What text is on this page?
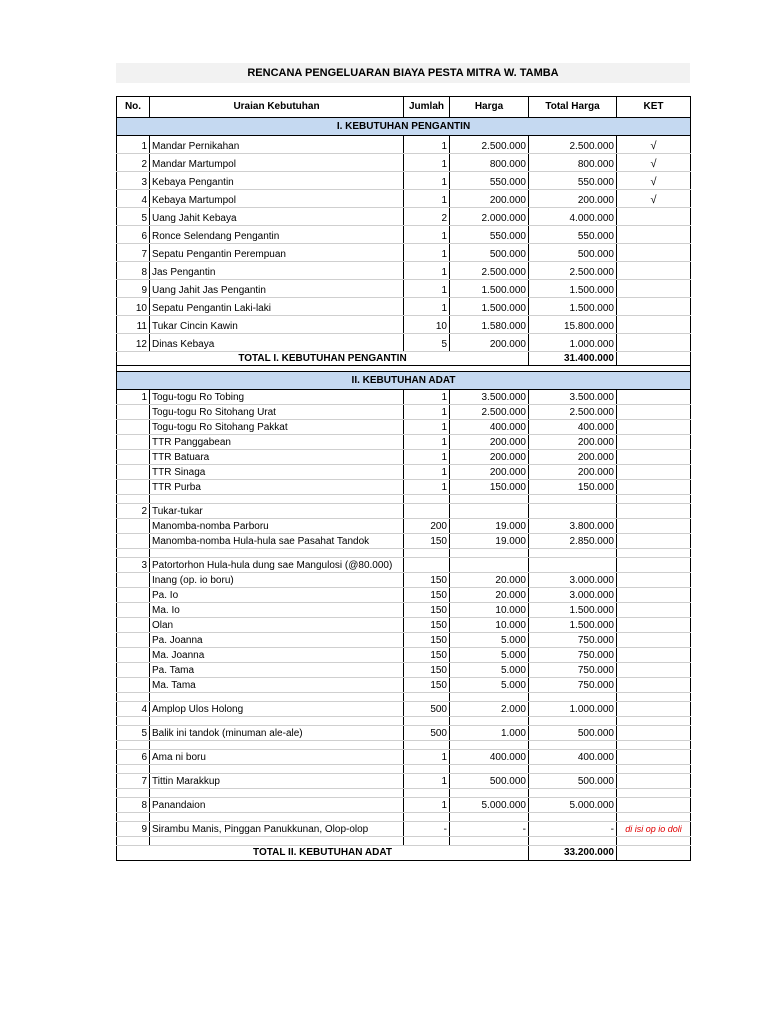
RENCANA PENGELUARAN BIAYA PESTA MITRA W. TAMBA
No.	Uraian Kebutuhan	Jumlah	Harga	Total Harga	KET
I. KEBUTUHAN PENGANTIN					
1	Mandar Pernikahan	1	2.500.000	2.500.000	√
2	Mandar Martumpol	1	800.000	800.000	√
3	Kebaya Pengantin	1	550.000	550.000	√
4	Kebaya Martumpol	1	200.000	200.000	√
5	Uang Jahit Kebaya	2	2.000.000	4.000.000	
6	Ronce Selendang Pengantin	1	550.000	550.000	
7	Sepatu Pengantin Perempuan	1	500.000	500.000	
8	Jas Pengantin	1	2.500.000	2.500.000	
9	Uang Jahit Jas Pengantin	1	1.500.000	1.500.000	
10	Sepatu Pengantin Laki-laki	1	1.500.000	1.500.000	
11	Tukar Cincin Kawin	10	1.580.000	15.800.000	
12	Dinas Kebaya	5	200.000	1.000.000	
TOTAL I. KEBUTUHAN PENGANTIN				31.400.000	

II. KEBUTUHAN ADAT					
1	Togu-togu Ro Tobing	1	3.500.000	3.500.000	
	Togu-togu Ro Sitohang Urat	1	2.500.000	2.500.000	
	Togu-togu Ro Sitohang Pakkat	1	400.000	400.000	
	TTR Panggabean	1	200.000	200.000	
	TTR Batuara	1	200.000	200.000	
	TTR Sinaga	1	200.000	200.000	
	TTR Purba	1	150.000	150.000	

2	Tukar-tukar				
	Manomba-nomba Parboru	200	19.000	3.800.000	
	Manomba-nomba Hula-hula sae Pasahat Tandok	150	19.000	2.850.000	

3	Patortorhon Hula-hula dung sae Mangulosi (@80.000)				
	Inang (op. io boru)	150	20.000	3.000.000	
	Pa. Io	150	20.000	3.000.000	
	Ma. Io	150	10.000	1.500.000	
	Olan	150	10.000	1.500.000	
	Pa. Joanna	150	5.000	750.000	
	Ma. Joanna	150	5.000	750.000	
	Pa. Tama	150	5.000	750.000	
	Ma. Tama	150	5.000	750.000	

4	Amplop Ulos Holong	500	2.000	1.000.000	

5	Balik ini tandok (minuman ale-ale)	500	1.000	500.000	

6	Ama ni boru	1	400.000	400.000	

7	Tittin Marakkup	1	500.000	500.000	

8	Panandaion	1	5.000.000	5.000.000	

9	Sirambu Manis, Pinggan Panukkunan, Olop-olop	-	-	-	di isi op io doli

TOTAL II. KEBUTUHAN ADAT				33.200.000	
